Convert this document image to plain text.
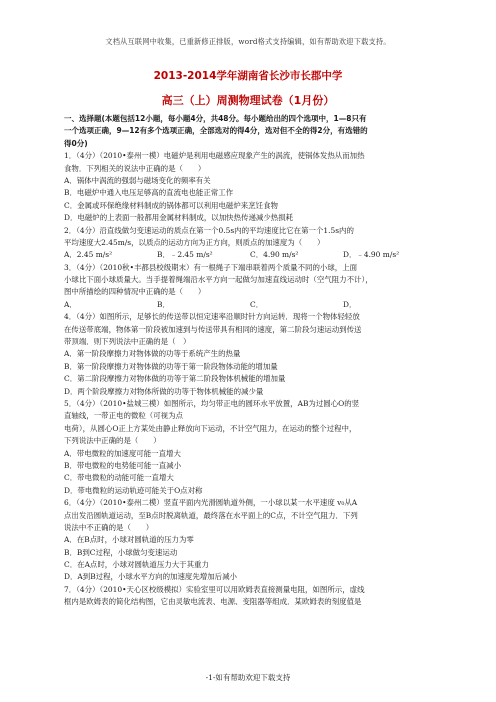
文档从互联网中收集，已重新修正排版，word格式支持编辑，如有帮助欢迎下载支持。
2013-2014学年湖南省长沙市长郡中学
高三（上）周测物理试卷（1月份）
一、选择题(本题包括12小题，每小题4分，共48分。每小题给出的四个选项中，1—8只有
一个选项正确，9—12有多个选项正确，全部选对的得4分，选对但不全的得2分，有选错的
得0分)
1．（4分）（2010•泰州一模）电磁炉是利用电磁感应现象产生的涡流，使锅体发热从而加热
食物．下列相关的说法中正确的是（　　）
A．锅体中涡流的强弱与磁场变化的频率有关
B．电磁炉中通入电压足够高的直流电也能正常工作
C．金属或环保绝缘材料制成的锅体都可以利用电磁炉来烹饪食物
D．电磁炉的上表面一般都用金属材料制成，以加快热传递减少热损耗
2．（4分）沿直线做匀变速运动的质点在第一个0.5s内的平均速度比它在第一个1.5s内的
平均速度大2.45m/s，以质点的运动方向为正方向，则质点的加速度为（　　）
A．2.45 m/s²	B．﹣2.45 m/s²	C．4.90 m/s²	D．﹣4.90 m/s²
3．（4分）（2010秋•丰都县校级期末）有一根绳子下端串联着两个质量不同的小球，上面
小球比下面小球质量大。当手提着绳端沿水平方向一起做匀加速直线运动时（空气阻力不计），
图中所描绘的四种情况中正确的是（　　）
A．	B．	C．	D．
4．（4分）如图所示，足够长的传送带以恒定速率沿顺时针方向运转．现将一个物体轻轻放
在传送带底端，物体第一阶段被加速到与传送带具有相同的速度，第二阶段匀速运动到传送
带顶端．则下列说法中正确的是（　）
A．第一阶段摩擦力对物体做的功等于系统产生的热量
B．第一阶段摩擦力对物体做的功等于第一阶段物体动能的增加量
C．第二阶段摩擦力对物体做的功等于第二阶段物体机械能的增加量
D．两个阶段摩擦力对物体所做的功等于物体机械能的减少量
5．（4分）（2010•盐城三模）如图所示，均匀带正电的圆环水平放置，AB为过圆心O的竖
直轴线，一带正电的微粒（可视为点
电荷），从圆心O正上方某处由静止释放向下运动，不计空气阻力，在运动的整个过程中，
下列说法中正确的是（　　）
A．带电微粒的加速度可能一直增大
B．带电微粒的电势能可能一直减小
C．带电微粒的动能可能一直增大
D．带电微粒的运动轨迹可能关于O点对称
6．（4分）（2010•泰州二模）竖直平面内光滑圆轨道外侧，一小球以某一水平速度 v₀从A
点出发沿圆轨道运动，至B点时脱离轨道，最终落在水平面上的C点，不计空气阻力．下列
说法中不正确的是（　　）
A．在B点时，小球对圆轨道的压力为零
B．B到C过程，小球做匀变速运动
C．在A点时，小球对圆轨道压力大于其重力
D．A到B过程，小球水平方向的加速度先增加后减小
7．（4分）（2010•天心区校级模拟）实验室里可以用欧姆表直接测量电阻，如图所示，虚线
框内是欧姆表的简化结构图，它由灵敏电流表、电源、变阻器等组成．某欧姆表的刻度值是
-1-如有帮助欢迎下载支持
